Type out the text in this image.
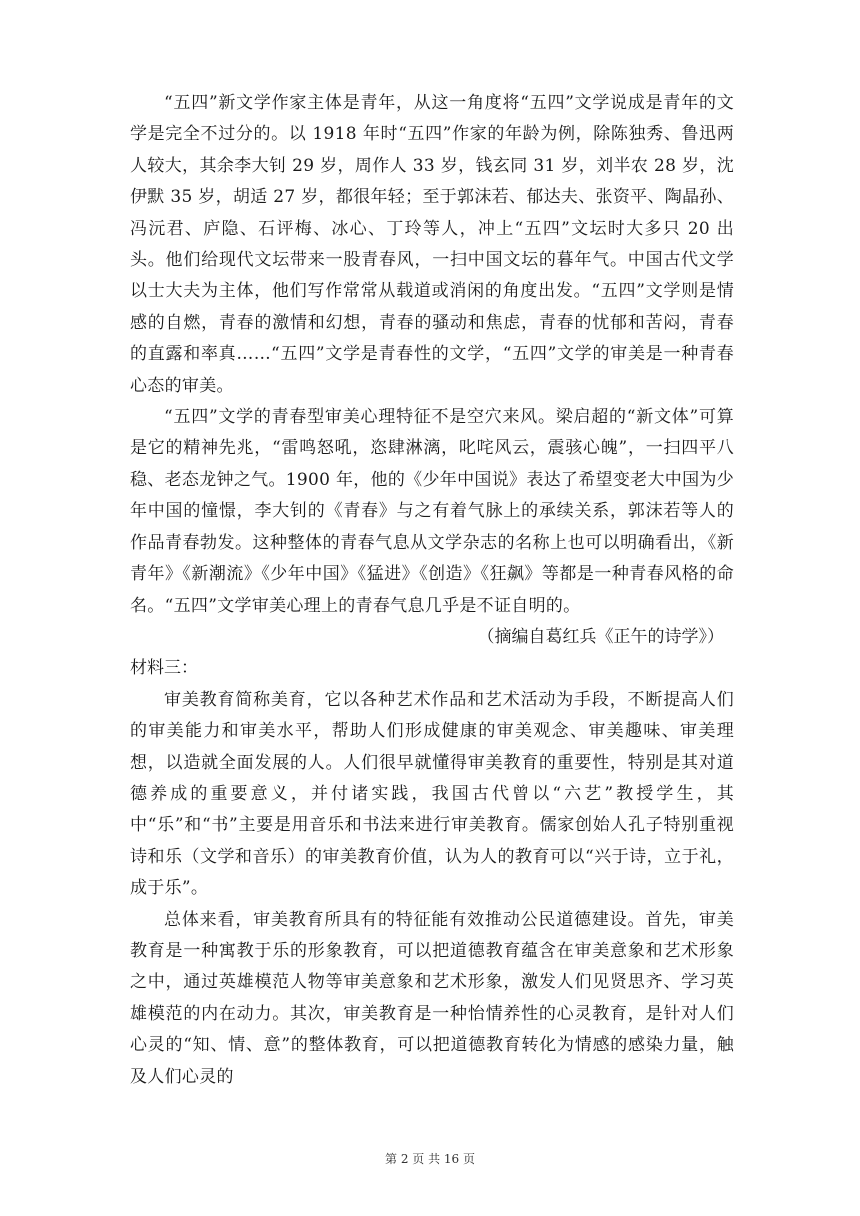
“五四”新文学作家主体是青年，从这一角度将“五四”文学说成是青年的文学是完全不过分的。以 1918 年时“五四”作家的年龄为例，除陈独秀、鲁迅两人较大，其余李大钊 29 岁，周作人 33 岁，钱玄同 31 岁，刘半农 28 岁，沈伊默 35 岁，胡适 27 岁，都很年轻；至于郭沫若、郁达夫、张资平、陶晶孙、冯沅君、庐隐、石评梅、冰心、丁玲等人，冲上“五四”文坛时大多只 20 出头。他们给现代文坛带来一股青春风，一扫中国文坛的暮年气。中国古代文学以士大夫为主体，他们写作常常从载道或消闲的角度出发。“五四”文学则是情感的自燃，青春的激情和幻想，青春的骚动和焦虑，青春的忧郁和苦闷，青春的直露和率真……“五四”文学是青春性的文学，“五四”文学的审美是一种青春心态的审美。

“五四”文学的青春型审美心理特征不是空穴来风。梁启超的“新文体”可算是它的精神先兆，“雷鸣怒吼，恣肆淋漓，叱咤风云，震骇心魄”，一扫四平八稳、老态龙钟之气。1900 年，他的《少年中国说》表达了希望变老大中国为少年中国的憧憬，李大钊的《青春》与之有着气脉上的承续关系，郭沫若等人的作品青春勃发。这种整体的青春气息从文学杂志的名称上也可以明确看出，《新青年》《新潮流》《少年中国》《猛进》《创造》《狂飙》等都是一种青春风格的命名。“五四”文学审美心理上的青春气息几乎是不证自明的。

（摘编自葛红兵《正午的诗学》）

材料三：

审美教育简称美育，它以各种艺术作品和艺术活动为手段，不断提高人们的审美能力和审美水平，帮助人们形成健康的审美观念、审美趣味、审美理想，以造就全面发展的人。人们很早就懂得审美教育的重要性，特别是其对道德养成的重要意义，并付诸实践，我国古代曾以“六艺”教授学生，其中“乐”和“书”主要是用音乐和书法来进行审美教育。儒家创始人孔子特别重视诗和乐（文学和音乐）的审美教育价值，认为人的教育可以“兴于诗，立于礼，成于乐”。

总体来看，审美教育所具有的特征能有效推动公民道德建设。首先，审美教育是一种寓教于乐的形象教育，可以把道德教育蕴含在审美意象和艺术形象之中，通过英雄模范人物等审美意象和艺术形象，激发人们见贤思齐、学习英雄模范的内在动力。其次，审美教育是一种怡情养性的心灵教育，是针对人们心灵的“知、情、意”的整体教育，可以把道德教育转化为情感的感染力量，触及人们心灵的

第 2 页 共 16 页
